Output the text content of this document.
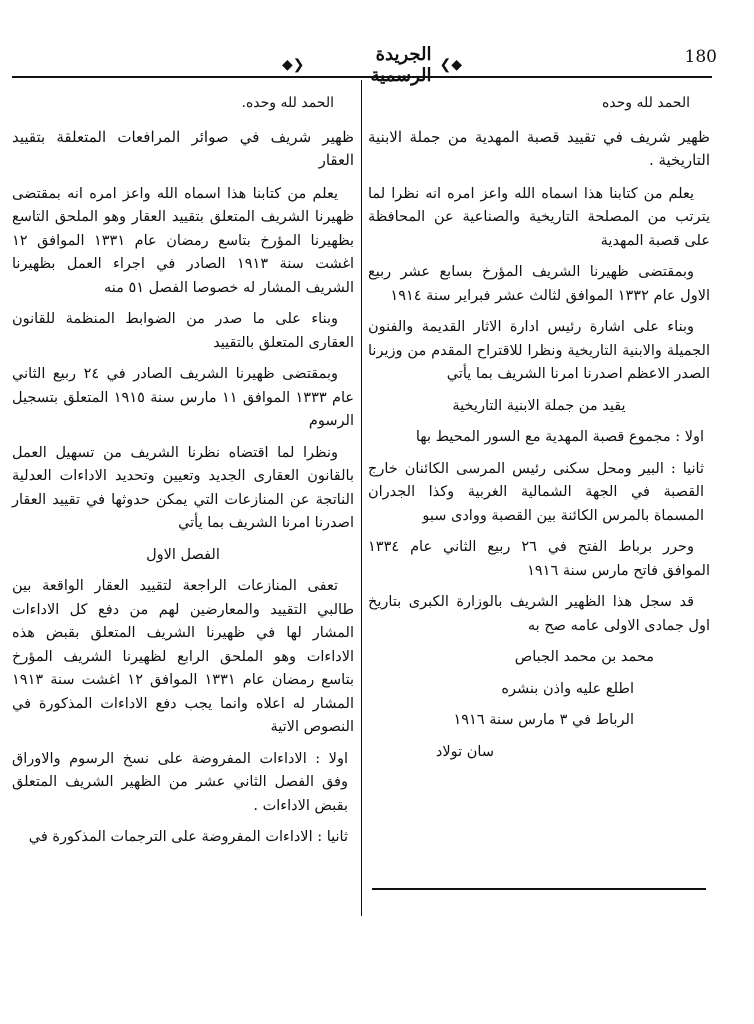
180
◆❯	الجريدة الرسمية ❮◆

الحمد لله وحده

ظهير شريف في تقييد قصبة المهدية من جملة الابنية التاريخية .

يعلم من كتابنا هذا اسماه الله واعز امره انه نظرا لما يترتب من المصلحة التاريخية والصناعية عن المحافظة على قصبة المهدية

وبمقتضى ظهيرنا الشريف المؤرخ بسابع عشر ربيع الاول عام ١٣٣٢ الموافق لثالث عشر فبراير سنة ١٩١٤

وبناء على اشارة رئيس ادارة الاثار القديمة والفنون الجميلة والابنية التاريخية ونظرا للاقتراح المقدم من وزيرنا الصدر الاعظم اصدرنا امرنا الشريف بما يأتي

يقيد من جملة الابنية التاريخية

اولا : مجموع قصبة المهدية مع السور المحيط بها

ثانيا : البير ومحل سكنى رئيس المرسى الكائنان خارج القصبة في الجهة الشمالية الغربية وكذا الجدران المسماة بالمرس الكائنة بين القصبة ووادى سبو

وحرر برباط الفتح في ٢٦ ربيع الثاني عام ١٣٣٤ الموافق فاتح مارس سنة ١٩١٦

قد سجل هذا الظهير الشريف بالوزارة الكبرى بتاريخ اول جمادى الاولى عامه صح به

محمد بن محمد الجباص

اطلع عليه واذن بنشره

الرباط في ٣ مارس سنة ١٩١٦

سان تولاد

الحمد لله وحده.

ظهير شريف في صوائر المرافعات المتعلقة بتقييد العقار

يعلم من كتابنا هذا اسماه الله واعز امره انه بمقتضى ظهيرنا الشريف المتعلق بتقييد العقار وهو الملحق التاسع بظهيرنا المؤرخ بتاسع رمضان عام ١٣٣١ الموافق ١٢ اغشت سنة ١٩١٣ الصادر في اجراء العمل بظهيرنا الشريف المشار له خصوصا الفصل ٥١ منه

وبناء على ما صدر من الضوابط المنظمة للقانون العقارى المتعلق بالتقييد

وبمقتضى ظهيرنا الشريف الصادر في ٢٤ ربيع الثاني عام ١٣٣٣ الموافق ١١ مارس سنة ١٩١٥ المتعلق بتسجيل الرسوم

ونظرا لما اقتضاه نظرنا الشريف من تسهيل العمل بالقانون العقارى الجديد وتعيين وتحديد الاداءات العدلية الناتجة عن المنازعات التي يمكن حدوثها في تقييد العقار اصدرنا امرنا الشريف بما يأتي

الفصل الاول

تعفى المنازعات الراجعة لتقييد العقار الواقعة بين طالبي التقييد والمعارضين لهم من دفع كل الاداءات المشار لها في ظهيرنا الشريف المتعلق بقبض هذه الاداءات وهو الملحق الرابع لظهيرنا الشريف المؤرخ بتاسع رمضان عام ١٣٣١ الموافق ١٢ اغشت سنة ١٩١٣ المشار له اعلاه وانما يجب دفع الاداءات المذكورة في النصوص الاتية

اولا : الاداءات المفروضة على نسخ الرسوم والاوراق وفق الفصل الثاني عشر من الظهير الشريف المتعلق بقبض الاداءات .

ثانيا : الاداءات المفروضة على الترجمات المذكورة في
